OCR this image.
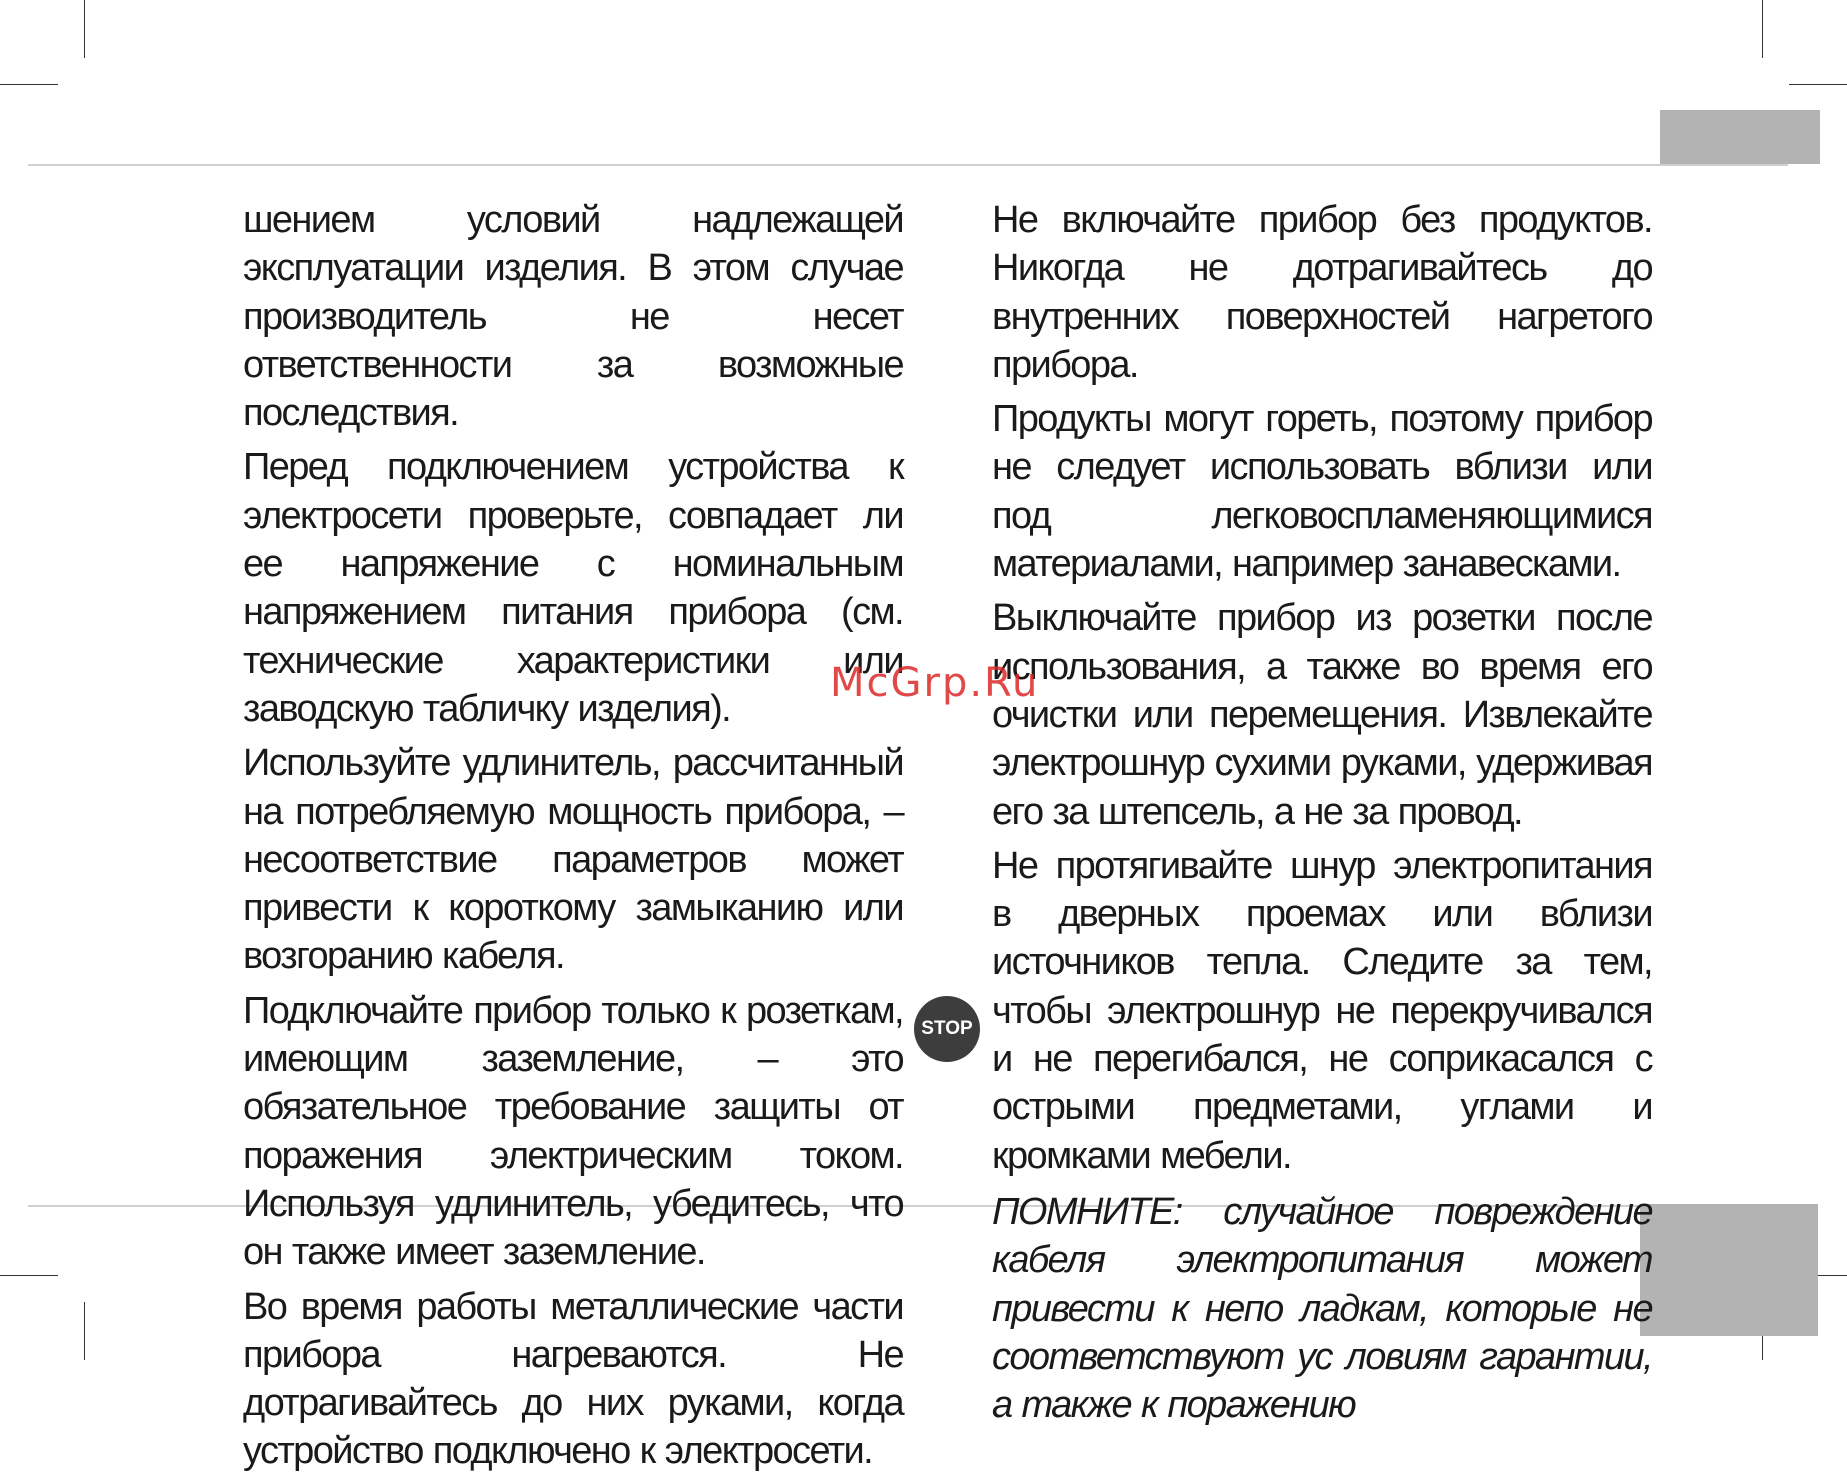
шением условий надлежащей эксплуатации изделия. В этом случае производитель не несет ответственности за возможные последствия.

Перед подключением устройства к электросети проверьте, совпадает ли ее напряжение с номинальным напряжением питания прибора (см. технические характеристики или заводскую табличку изделия).

Используйте удлинитель, рассчитанный на потребляемую мощность прибора, – несоответствие параметров может привести к короткому замыканию или возгоранию кабеля.

Подключайте прибор только к розеткам, имеющим заземление, – это обязательное требование защиты от поражения электрическим током. Используя удлинитель, убедитесь, что он также имеет заземление.

Во время работы металлические части прибора нагреваются. Не дотрагивайтесь до них руками, когда устройство подключено к электросети.

Не включайте прибор без продуктов. Никогда не дотрагивайтесь до внутренних поверхностей нагретого прибора.

Продукты могут гореть, поэтому прибор не следует использовать вблизи или под легковоспламеняющимися материалами, например занавесками.

Выключайте прибор из розетки после использования, а также во время его очистки или перемещения. Извлекайте электрошнур сухими руками, удерживая его за штепсель, а не за провод.

Не протягивайте шнур электропитания в дверных проемах или вблизи источников тепла. Следите за тем, чтобы электрошнур не перекручивался и не перегибался, не соприкасался с острыми предметами, углами и кромками мебели.

ПОМНИТЕ: случайное повреждение кабеля электропитания может привести к непо ладкам, которые не соответствуют ус ловиям гарантии, а также к поражению

STOP
McGrp.Ru
